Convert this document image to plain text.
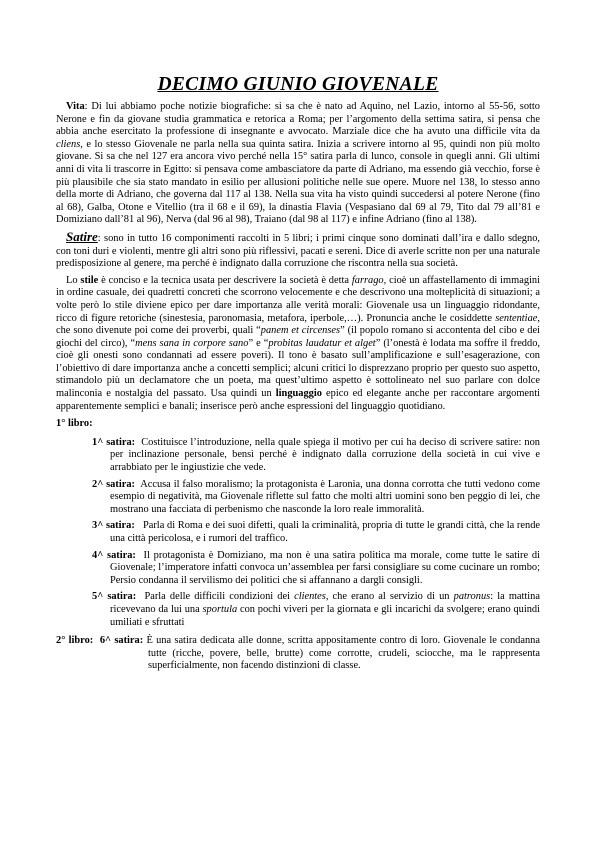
DECIMO GIUNIO GIOVENALE

Vita: Di lui abbiamo poche notizie biografiche: si sa che è nato ad Aquino, nel Lazio, intorno al 55-56, sotto Nerone e fin da giovane studia grammatica e retorica a Roma; per l’argomento della settima satira, si pensa che abbia anche esercitato la professione di insegnante e avvocato. Marziale dice che ha avuto una difficile vita da cliens, e lo stesso Giovenale ne parla nella sua quinta satira. Inizia a scrivere intorno al 95, quindi non più molto giovane. Si sa che nel 127 era ancora vivo perché nella 15° satira parla di lunco, console in quegli anni. Gli ultimi anni di vita li trascorre in Egitto: si pensava come ambasciatore da parte di Adriano, ma essendo già vecchio, forse è più plausibile che sia stato mandato in esilio per allusioni politiche nelle sue opere. Muore nel 138, lo stesso anno della morte di Adriano, che governa dal 117 al 138. Nella sua vita ha visto quindi succedersi al potere Nerone (fino al 68), Galba, Otone e Vitellio (tra il 68 e il 69), la dinastia Flavia (Vespasiano dal 69 al 79, Tito dal 79 all’81 e Domiziano dall’81 al 96), Nerva (dal 96 al 98), Traiano (dal 98 al 117) e infine Adriano (fino al 138).

Satire: sono in tutto 16 componimenti raccolti in 5 libri; i primi cinque sono dominati dall’ira e dallo sdegno, con toni duri e violenti, mentre gli altri sono più riflessivi, pacati e sereni. Dice di averle scritte non per una naturale predisposizione al genere, ma perché è indignato dalla corruzione che riscontra nella sua società.

Lo stile è conciso e la tecnica usata per descrivere la società è detta farrago, cioè un affastellamento di immagini in ordine casuale, dei quadretti concreti che scorrono velocemente e che descrivono una molteplicità di situazioni; a volte però lo stile diviene epico per dare importanza alle verità morali: Giovenale usa un linguaggio ridondante, ricco di figure retoriche (sinestesia, paronomasia, metafora, iperbole,…). Pronuncia anche le cosiddette sententiae, che sono divenute poi come dei proverbi, quali “panem et circenses” (il popolo romano si accontenta del cibo e dei giochi del circo), “mens sana in corpore sano” e “probitas laudatur et alget” (l’onestà è lodata ma soffre il freddo, cioè gli onesti sono condannati ad essere poveri). Il tono è basato sull’amplificazione e sull’esagerazione, con l’obiettivo di dare importanza anche a concetti semplici; alcuni critici lo disprezzano proprio per questo suo aspetto, stimandolo più un declamatore che un poeta, ma quest’ultimo aspetto è sottolineato nel suo parlare con dolce malinconia e nostalgia del passato. Usa quindi un linguaggio epico ed elegante anche per raccontare argomenti apparentemente semplici e banali; inserisce però anche espressioni del linguaggio quotidiano.

1° libro:
1^ satira: Costituisce l’introduzione, nella quale spiega il motivo per cui ha deciso di scrivere satire: non per inclinazione personale, bensì perché è indignato dalla corruzione della società in cui vive e arrabbiato per le ingiustizie che vede.
2^ satira: Accusa il falso moralismo; la protagonista è Laronia, una donna corrotta che tutti vedono come esempio di negatività, ma Giovenale riflette sul fatto che molti altri uomini sono ben peggio di lei, che mostrano una facciata di perbenismo che nasconde la loro reale immoralità.
3^ satira: Parla di Roma e dei suoi difetti, quali la criminalità, propria di tutte le grandi città, che la rende una città pericolosa, e i rumori del traffico.
4^ satira: Il protagonista è Domiziano, ma non è una satira politica ma morale, come tutte le satire di Giovenale; l’imperatore infatti convoca un’assemblea per farsi consigliare su come cucinare un rombo; Persio condanna il servilismo dei politici che si affannano a dargli consigli.
5^ satira: Parla delle difficili condizioni dei clientes, che erano al servizio di un patronus: la mattina ricevevano da lui una sportula con pochi viveri per la giornata e gli incarichi da svolgere; erano quindi umiliati e sfruttati
2° libro: 6^ satira: È una satira dedicata alle donne, scritta appositamente contro di loro. Giovenale le condanna tutte (ricche, povere, belle, brutte) come corrotte, crudeli, sciocche, ma le rappresenta superficialmente, non facendo distinzioni di classe.
